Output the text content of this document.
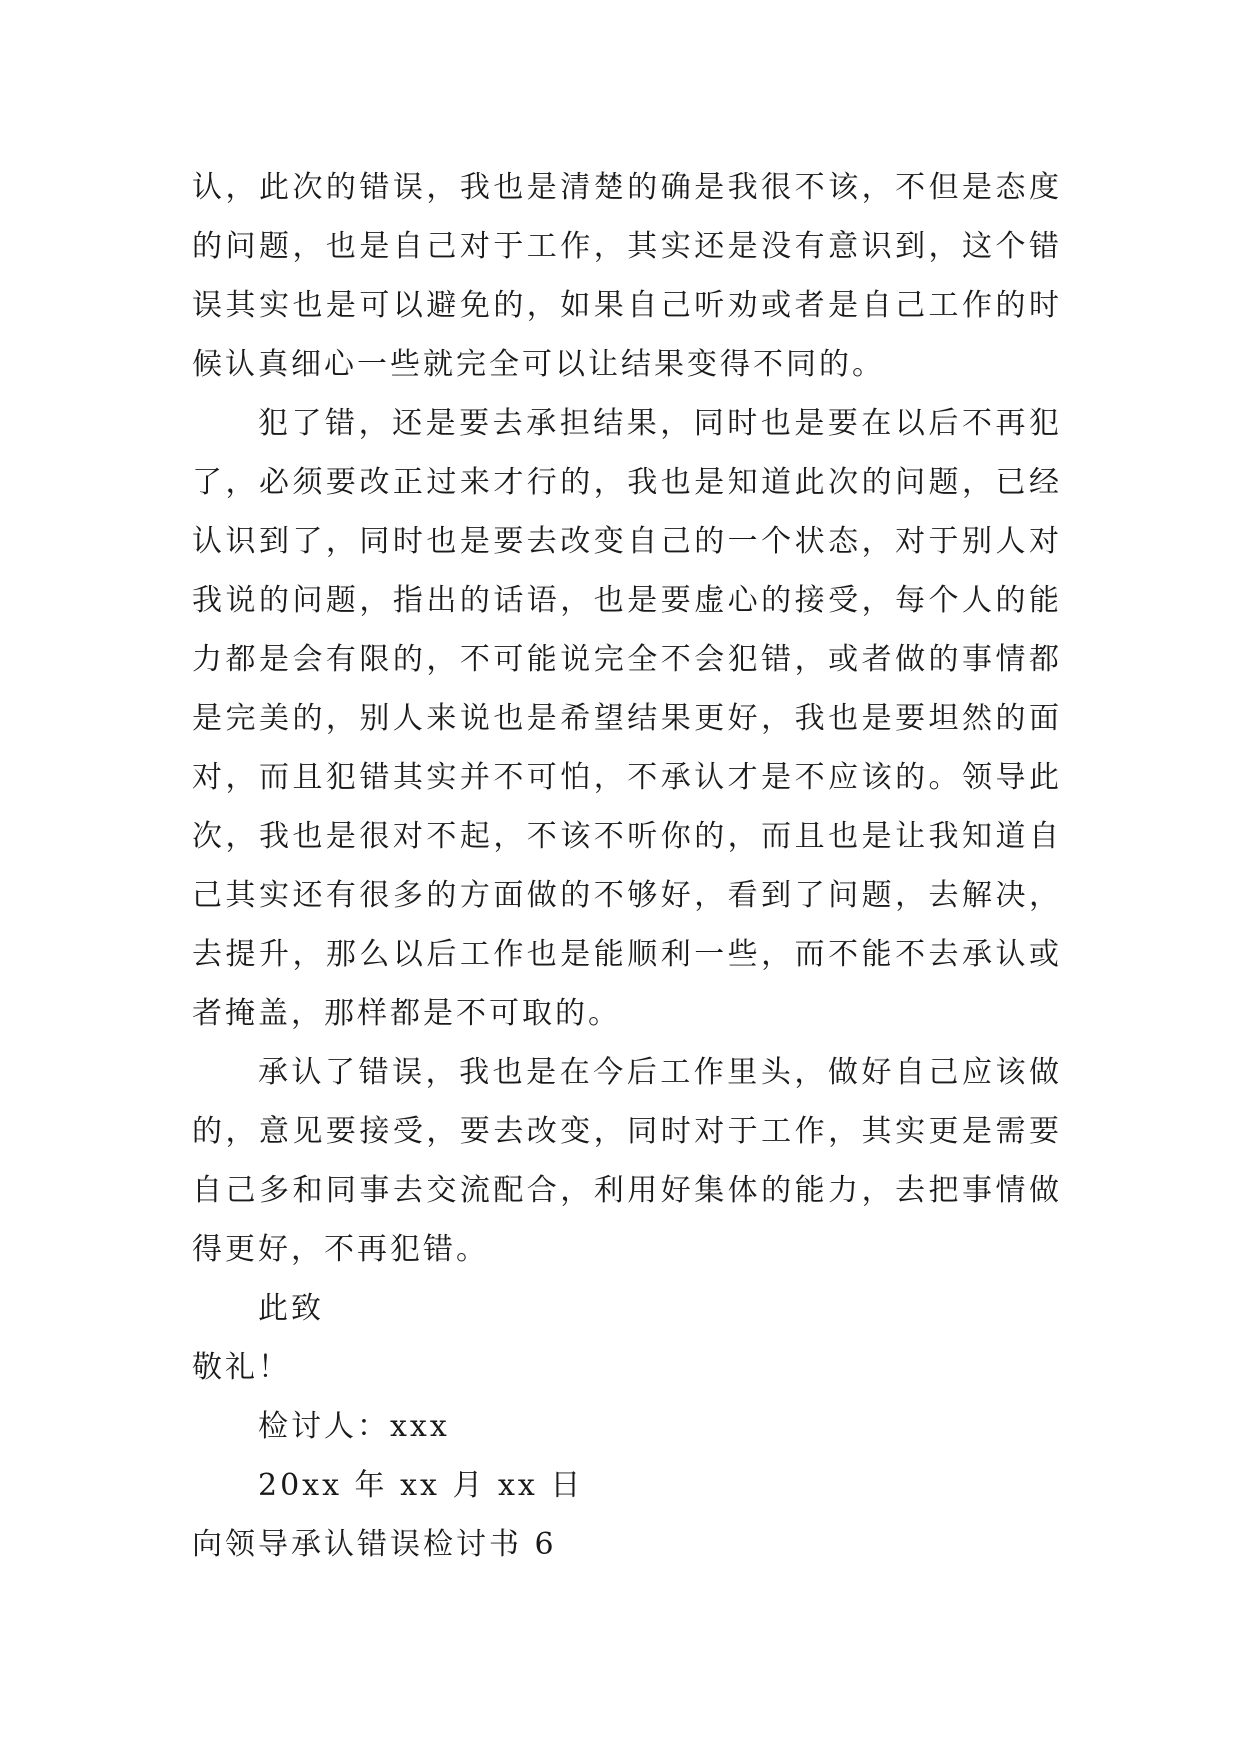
认，此次的错误，我也是清楚的确是我很不该，不但是态度的问题，也是自己对于工作，其实还是没有意识到，这个错误其实也是可以避免的，如果自己听劝或者是自己工作的时候认真细心一些就完全可以让结果变得不同的。

犯了错，还是要去承担结果，同时也是要在以后不再犯了，必须要改正过来才行的，我也是知道此次的问题，已经认识到了，同时也是要去改变自己的一个状态，对于别人对我说的问题，指出的话语，也是要虚心的接受，每个人的能力都是会有限的，不可能说完全不会犯错，或者做的事情都是完美的，别人来说也是希望结果更好，我也是要坦然的面对，而且犯错其实并不可怕，不承认才是不应该的。领导此次，我也是很对不起，不该不听你的，而且也是让我知道自己其实还有很多的方面做的不够好，看到了问题，去解决，去提升，那么以后工作也是能顺利一些，而不能不去承认或者掩盖，那样都是不可取的。

承认了错误，我也是在今后工作里头，做好自己应该做的，意见要接受，要去改变，同时对于工作，其实更是需要自己多和同事去交流配合，利用好集体的能力，去把事情做得更好，不再犯错。

此致

敬礼！

检讨人：xxx

20xx 年 xx 月 xx 日

向领导承认错误检讨书 6
